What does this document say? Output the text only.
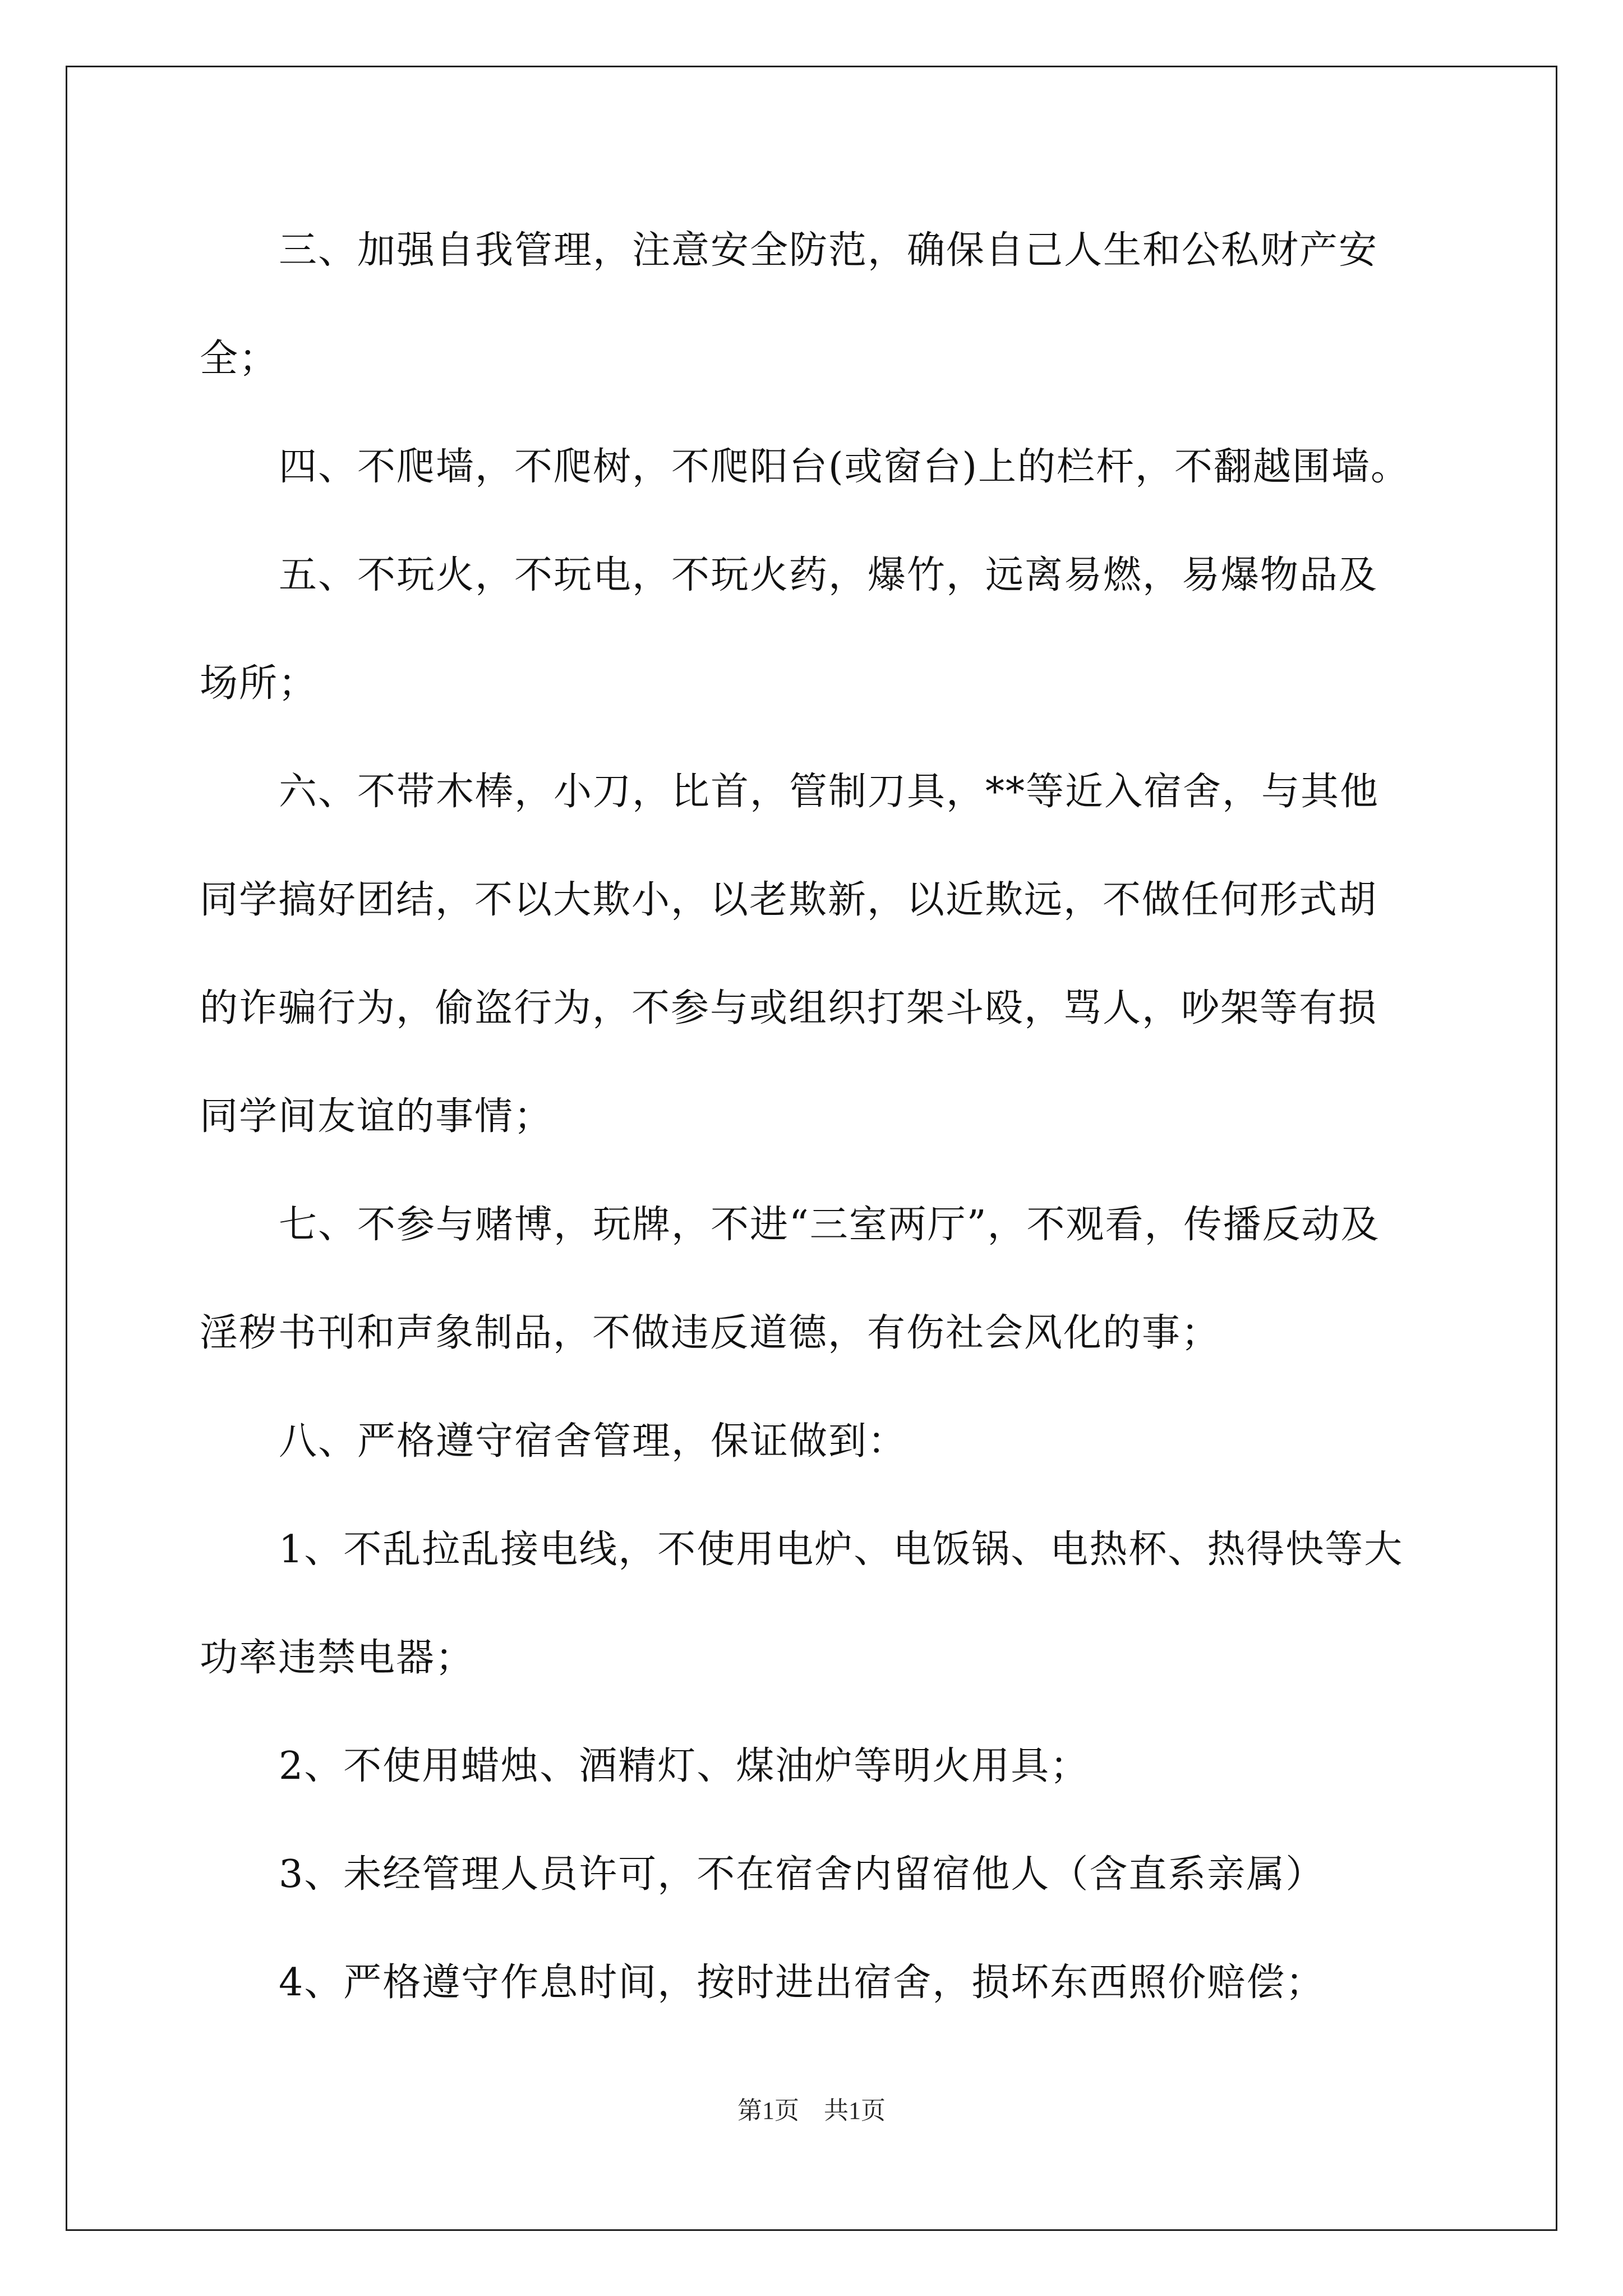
三、加强自我管理，注意安全防范，确保自己人生和公私财产安
全；
四、不爬墙，不爬树，不爬阳台(或窗台)上的栏杆，不翻越围墙。
五、不玩火，不玩电，不玩火药，爆竹，远离易燃，易爆物品及
场所；
六、不带木棒，小刀，比首，管制刀具，**等近入宿舍，与其他
同学搞好团结，不以大欺小，以老欺新，以近欺远，不做任何形式胡
的诈骗行为，偷盗行为，不参与或组织打架斗殴，骂人，吵架等有损
同学间友谊的事情；
七、不参与赌博，玩牌，不进“三室两厅”，不观看，传播反动及
淫秽书刊和声象制品，不做违反道德，有伤社会风化的事；
八、严格遵守宿舍管理，保证做到：
1、不乱拉乱接电线，不使用电炉、电饭锅、电热杯、热得快等大
功率违禁电器；
2、不使用蜡烛、酒精灯、煤油炉等明火用具；
3、未经管理人员许可，不在宿舍内留宿他人（含直系亲属）
4、严格遵守作息时间，按时进出宿舍，损坏东西照价赔偿；
第1页　共1页
